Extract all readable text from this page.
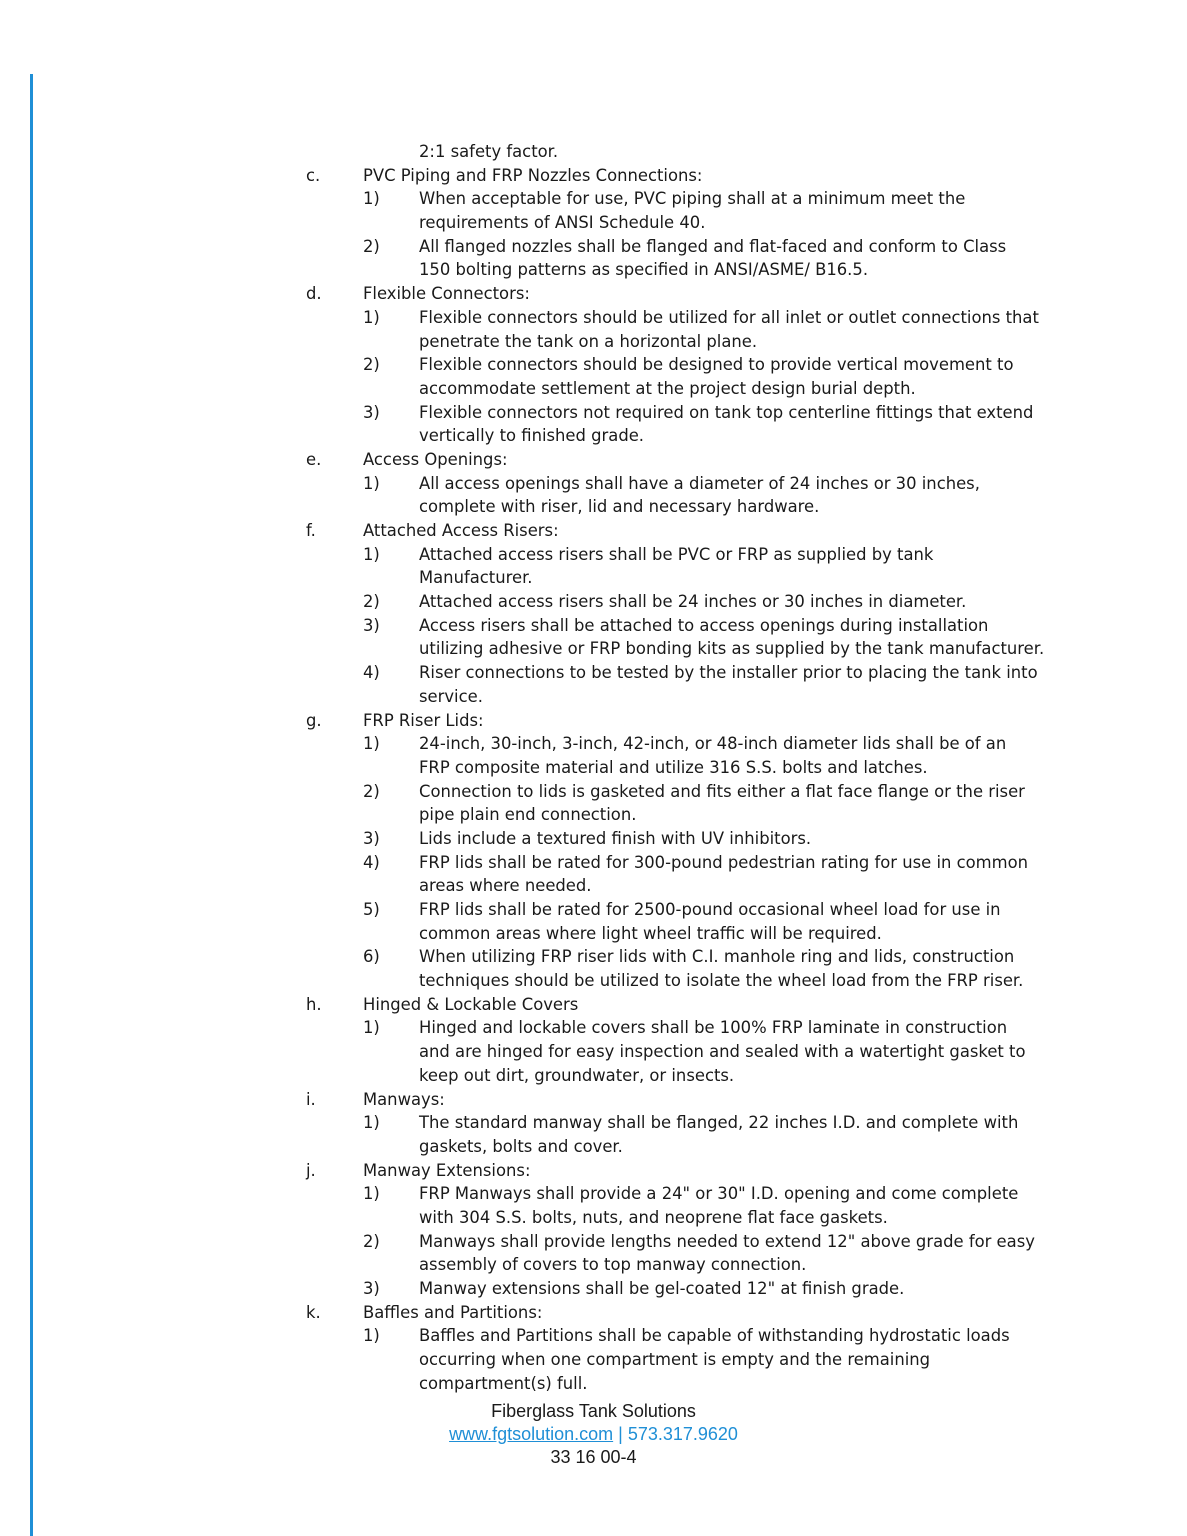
2:1 safety factor.
c.	PVC Piping and FRP Nozzles Connections:
1) When acceptable for use, PVC piping shall at a minimum meet the
requirements of ANSI Schedule 40.
2) All flanged nozzles shall be flanged and flat-faced and conform to Class
150 bolting patterns as specified in ANSI/ASME/ B16.5.
d.	Flexible Connectors:
1) Flexible connectors should be utilized for all inlet or outlet connections that
penetrate the tank on a horizontal plane.
2) Flexible connectors should be designed to provide vertical movement to
accommodate settlement at the project design burial depth.
3) Flexible connectors not required on tank top centerline fittings that extend
vertically to finished grade.
e.	Access Openings:
1) All access openings shall have a diameter of 24 inches or 30 inches,
complete with riser, lid and necessary hardware.
f.	Attached Access Risers:
1) Attached access risers shall be PVC or FRP as supplied by tank
Manufacturer.
2) Attached access risers shall be 24 inches or 30 inches in diameter.
3) Access risers shall be attached to access openings during installation
utilizing adhesive or FRP bonding kits as supplied by the tank manufacturer.
4) Riser connections to be tested by the installer prior to placing the tank into
service.
g.	FRP Riser Lids:
1) 24-inch, 30-inch, 3-inch, 42-inch, or 48-inch diameter lids shall be of an
FRP composite material and utilize 316 S.S. bolts and latches.
2) Connection to lids is gasketed and fits either a flat face flange or the riser
pipe plain end connection.
3) Lids include a textured finish with UV inhibitors.
4) FRP lids shall be rated for 300-pound pedestrian rating for use in common
areas where needed.
5) FRP lids shall be rated for 2500-pound occasional wheel load for use in
common areas where light wheel traffic will be required.
6) When utilizing FRP riser lids with C.I. manhole ring and lids, construction
techniques should be utilized to isolate the wheel load from the FRP riser.
h.	Hinged & Lockable Covers
1) Hinged and lockable covers shall be 100% FRP laminate in construction
and are hinged for easy inspection and sealed with a watertight gasket to
keep out dirt, groundwater, or insects.
i.	Manways:
1) The standard manway shall be flanged, 22 inches I.D. and complete with
gaskets, bolts and cover.
j.	Manway Extensions:
1) FRP Manways shall provide a 24" or 30" I.D. opening and come complete
with 304 S.S. bolts, nuts, and neoprene flat face gaskets.
2) Manways shall provide lengths needed to extend 12" above grade for easy
assembly of covers to top manway connection.
3) Manway extensions shall be gel-coated 12" at finish grade.
k.	Baffles and Partitions:
1) Baffles and Partitions shall be capable of withstanding hydrostatic loads
occurring when one compartment is empty and the remaining
compartment(s) full.
Fiberglass Tank Solutions
www.fgtsolution.com | 573.317.9620
33 16 00-4
